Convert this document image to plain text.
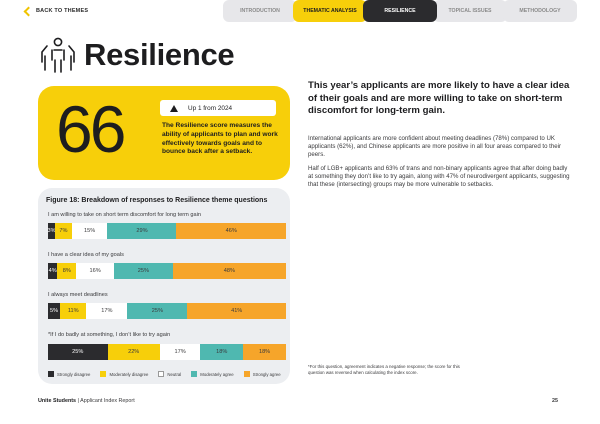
BACK TO THEMES	INTRODUCTION	THEMATIC ANALYSIS	RESILIENCE	TOPICAL ISSUES	METHODOLOGY
Resilience
66	Up 1 from 2024
The Resilience score measures the ability of applicants to plan and work effectively towards goals and to bounce back after a setback.
This year’s applicants are more likely to have a clear idea of their goals and are more willing to take on short-term discomfort for long-term gain.
International applicants are more confident about meeting deadlines (78%) compared to UK applicants (62%), and Chinese applicants are more positive in all four areas compared to their peers.
Half of LGB+ applicants and 63% of trans and non-binary applicants agree that after doing badly at something they don’t like to try again, along with 47% of neurodivergent applicants, suggesting that these (intersecting) groups may be more vulnerable to setbacks.
Figure 18: Breakdown of responses to Resilience theme questions
I am willing to take on short term discomfort for long term gain
3% 7%	15%	29%	46%
I have a clear idea of my goals
4%	8%	16%	25%	48%
I always meet deadlines
5%	11%	17%	25%	41%
*If I do badly at something, I don’t like to try again
25%	22%	17%	18%	18%
Strongly disagree	Moderately disagree	Neutral	Moderately agree	Strongly agree
*For this question, agreement indicates a negative response; the score for this question was reversed when calculating the index score.
Unite Students | Applicant Index Report	25
